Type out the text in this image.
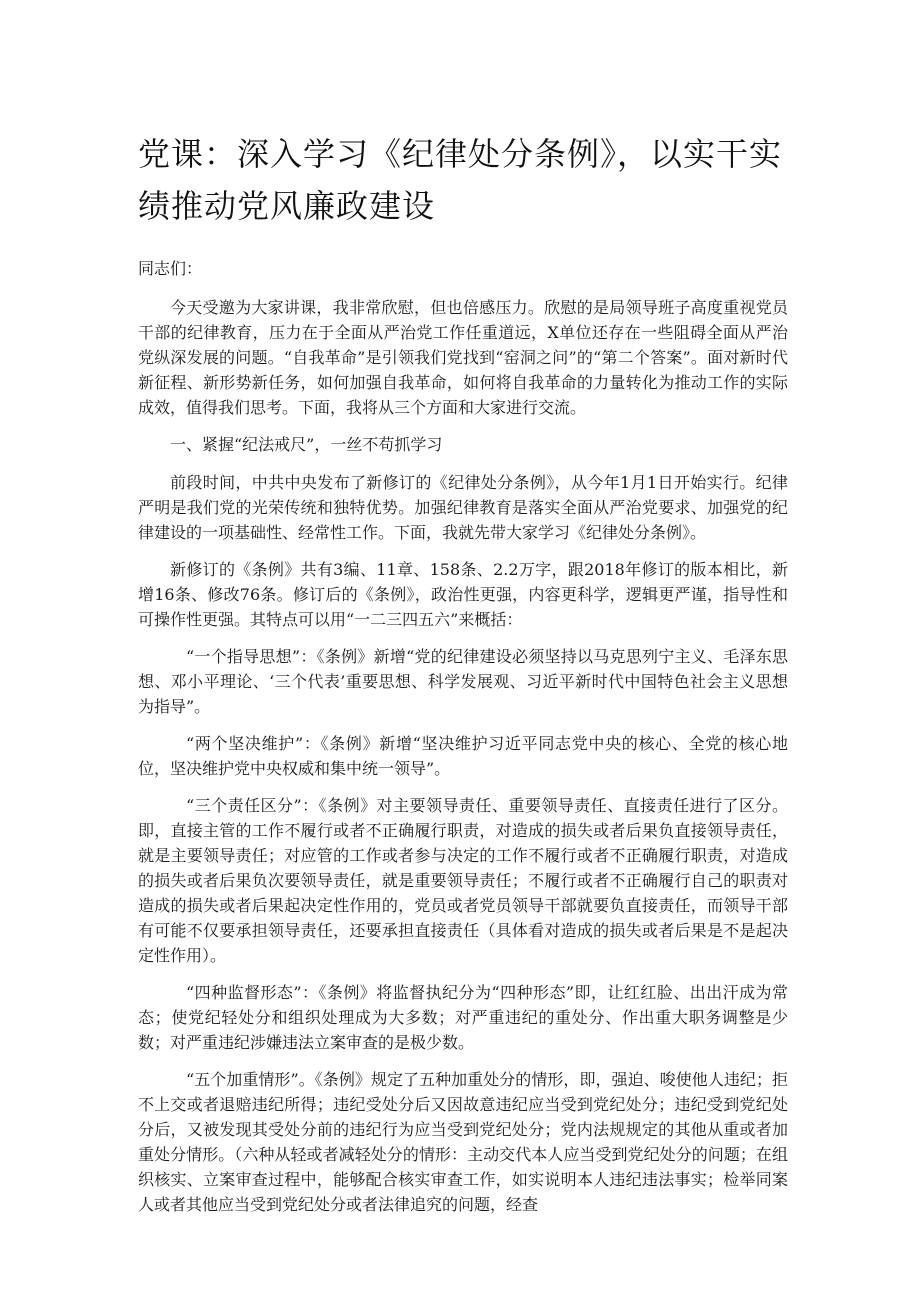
党课：深入学习《纪律处分条例》，以实干实绩推动党风廉政建设

同志们：

今天受邀为大家讲课，我非常欣慰，但也倍感压力。欣慰的是局领导班子高度重视党员干部的纪律教育，压力在于全面从严治党工作任重道远，X单位还存在一些阻碍全面从严治党纵深发展的问题。“自我革命”是引领我们党找到“窑洞之问”的“第二个答案”。面对新时代新征程、新形势新任务，如何加强自我革命，如何将自我革命的力量转化为推动工作的实际成效，值得我们思考。下面，我将从三个方面和大家进行交流。

一、紧握“纪法戒尺”，一丝不苟抓学习

前段时间，中共中央发布了新修订的《纪律处分条例》，从今年1月1日开始实行。纪律严明是我们党的光荣传统和独特优势。加强纪律教育是落实全面从严治党要求、加强党的纪律建设的一项基础性、经常性工作。下面，我就先带大家学习《纪律处分条例》。

新修订的《条例》共有3编、11章、158条、2.2万字，跟2018年修订的版本相比，新增16条、修改76条。修订后的《条例》，政治性更强，内容更科学，逻辑更严谨，指导性和可操作性更强。其特点可以用“一二三四五六”来概括：

“一个指导思想”：《条例》新增“党的纪律建设必须坚持以马克思列宁主义、毛泽东思想、邓小平理论、‘三个代表’重要思想、科学发展观、习近平新时代中国特色社会主义思想为指导”。

“两个坚决维护”：《条例》新增“坚决维护习近平同志党中央的核心、全党的核心地位，坚决维护党中央权威和集中统一领导”。

“三个责任区分”：《条例》对主要领导责任、重要领导责任、直接责任进行了区分。即，直接主管的工作不履行或者不正确履行职责，对造成的损失或者后果负直接领导责任，就是主要领导责任；对应管的工作或者参与决定的工作不履行或者不正确履行职责，对造成的损失或者后果负次要领导责任，就是重要领导责任；不履行或者不正确履行自己的职责对造成的损失或者后果起决定性作用的，党员或者党员领导干部就要负直接责任，而领导干部有可能不仅要承担领导责任，还要承担直接责任（具体看对造成的损失或者后果是不是起决定性作用）。

“四种监督形态”：《条例》将监督执纪分为“四种形态”即，让红红脸、出出汗成为常态；使党纪轻处分和组织处理成为大多数；对严重违纪的重处分、作出重大职务调整是少数；对严重违纪涉嫌违法立案审查的是极少数。

“五个加重情形”。《条例》规定了五种加重处分的情形，即，强迫、唆使他人违纪；拒不上交或者退赔违纪所得；违纪受处分后又因故意违纪应当受到党纪处分；违纪受到党纪处分后，又被发现其受处分前的违纪行为应当受到党纪处分；党内法规规定的其他从重或者加重处分情形。（六种从轻或者减轻处分的情形：主动交代本人应当受到党纪处分的问题；在组织核实、立案审查过程中，能够配合核实审查工作，如实说明本人违纪违法事实；检举同案人或者其他应当受到党纪处分或者法律追究的问题，经查
